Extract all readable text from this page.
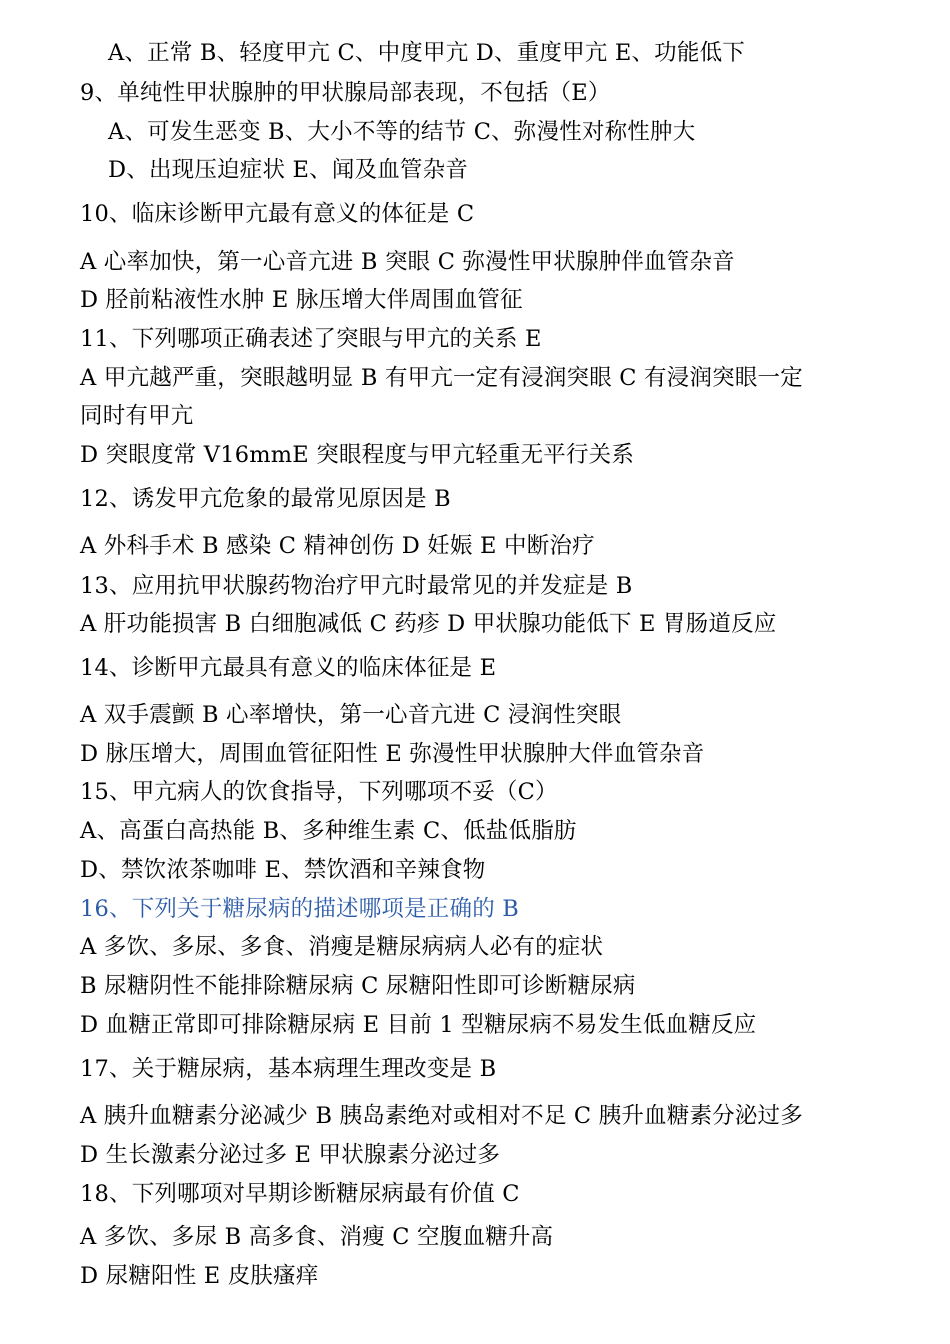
A、正常 B、轻度甲亢 C、中度甲亢 D、重度甲亢 E、功能低下
9、单纯性甲状腺肿的甲状腺局部表现，不包括（E）
A、可发生恶变 B、大小不等的结节 C、弥漫性对称性肿大
D、出现压迫症状 E、闻及血管杂音
10、临床诊断甲亢最有意义的体征是 C
A 心率加快，第一心音亢进 B 突眼 C 弥漫性甲状腺肿伴血管杂音
D 胫前粘液性水肿 E 脉压增大伴周围血管征
11、下列哪项正确表述了突眼与甲亢的关系 E
A 甲亢越严重，突眼越明显 B 有甲亢一定有浸润突眼 C 有浸润突眼一定
同时有甲亢
D 突眼度常 V16mmE 突眼程度与甲亢轻重无平行关系
12、诱发甲亢危象的最常见原因是 B
A 外科手术 B 感染 C 精神创伤 D 妊娠 E 中断治疗
13、应用抗甲状腺药物治疗甲亢时最常见的并发症是 B
A 肝功能损害 B 白细胞减低 C 药疹 D 甲状腺功能低下 E 胃肠道反应
14、诊断甲亢最具有意义的临床体征是 E
A 双手震颤 B 心率增快，第一心音亢进 C 浸润性突眼
D 脉压增大，周围血管征阳性 E 弥漫性甲状腺肿大伴血管杂音
15、甲亢病人的饮食指导，下列哪项不妥（C）
A、高蛋白高热能 B、多种维生素 C、低盐低脂肪
D、禁饮浓茶咖啡 E、禁饮酒和辛辣食物
16、下列关于糖尿病的描述哪项是正确的 B
A 多饮、多尿、多食、消瘦是糖尿病病人必有的症状
B 尿糖阴性不能排除糖尿病 C 尿糖阳性即可诊断糖尿病
D 血糖正常即可排除糖尿病 E 目前 1 型糖尿病不易发生低血糖反应
17、关于糖尿病，基本病理生理改变是 B
A 胰升血糖素分泌减少 B 胰岛素绝对或相对不足 C 胰升血糖素分泌过多
D 生长激素分泌过多 E 甲状腺素分泌过多
18、下列哪项对早期诊断糖尿病最有价值 C
A 多饮、多尿 B 高多食、消瘦 C 空腹血糖升高
D 尿糖阳性 E 皮肤瘙痒
